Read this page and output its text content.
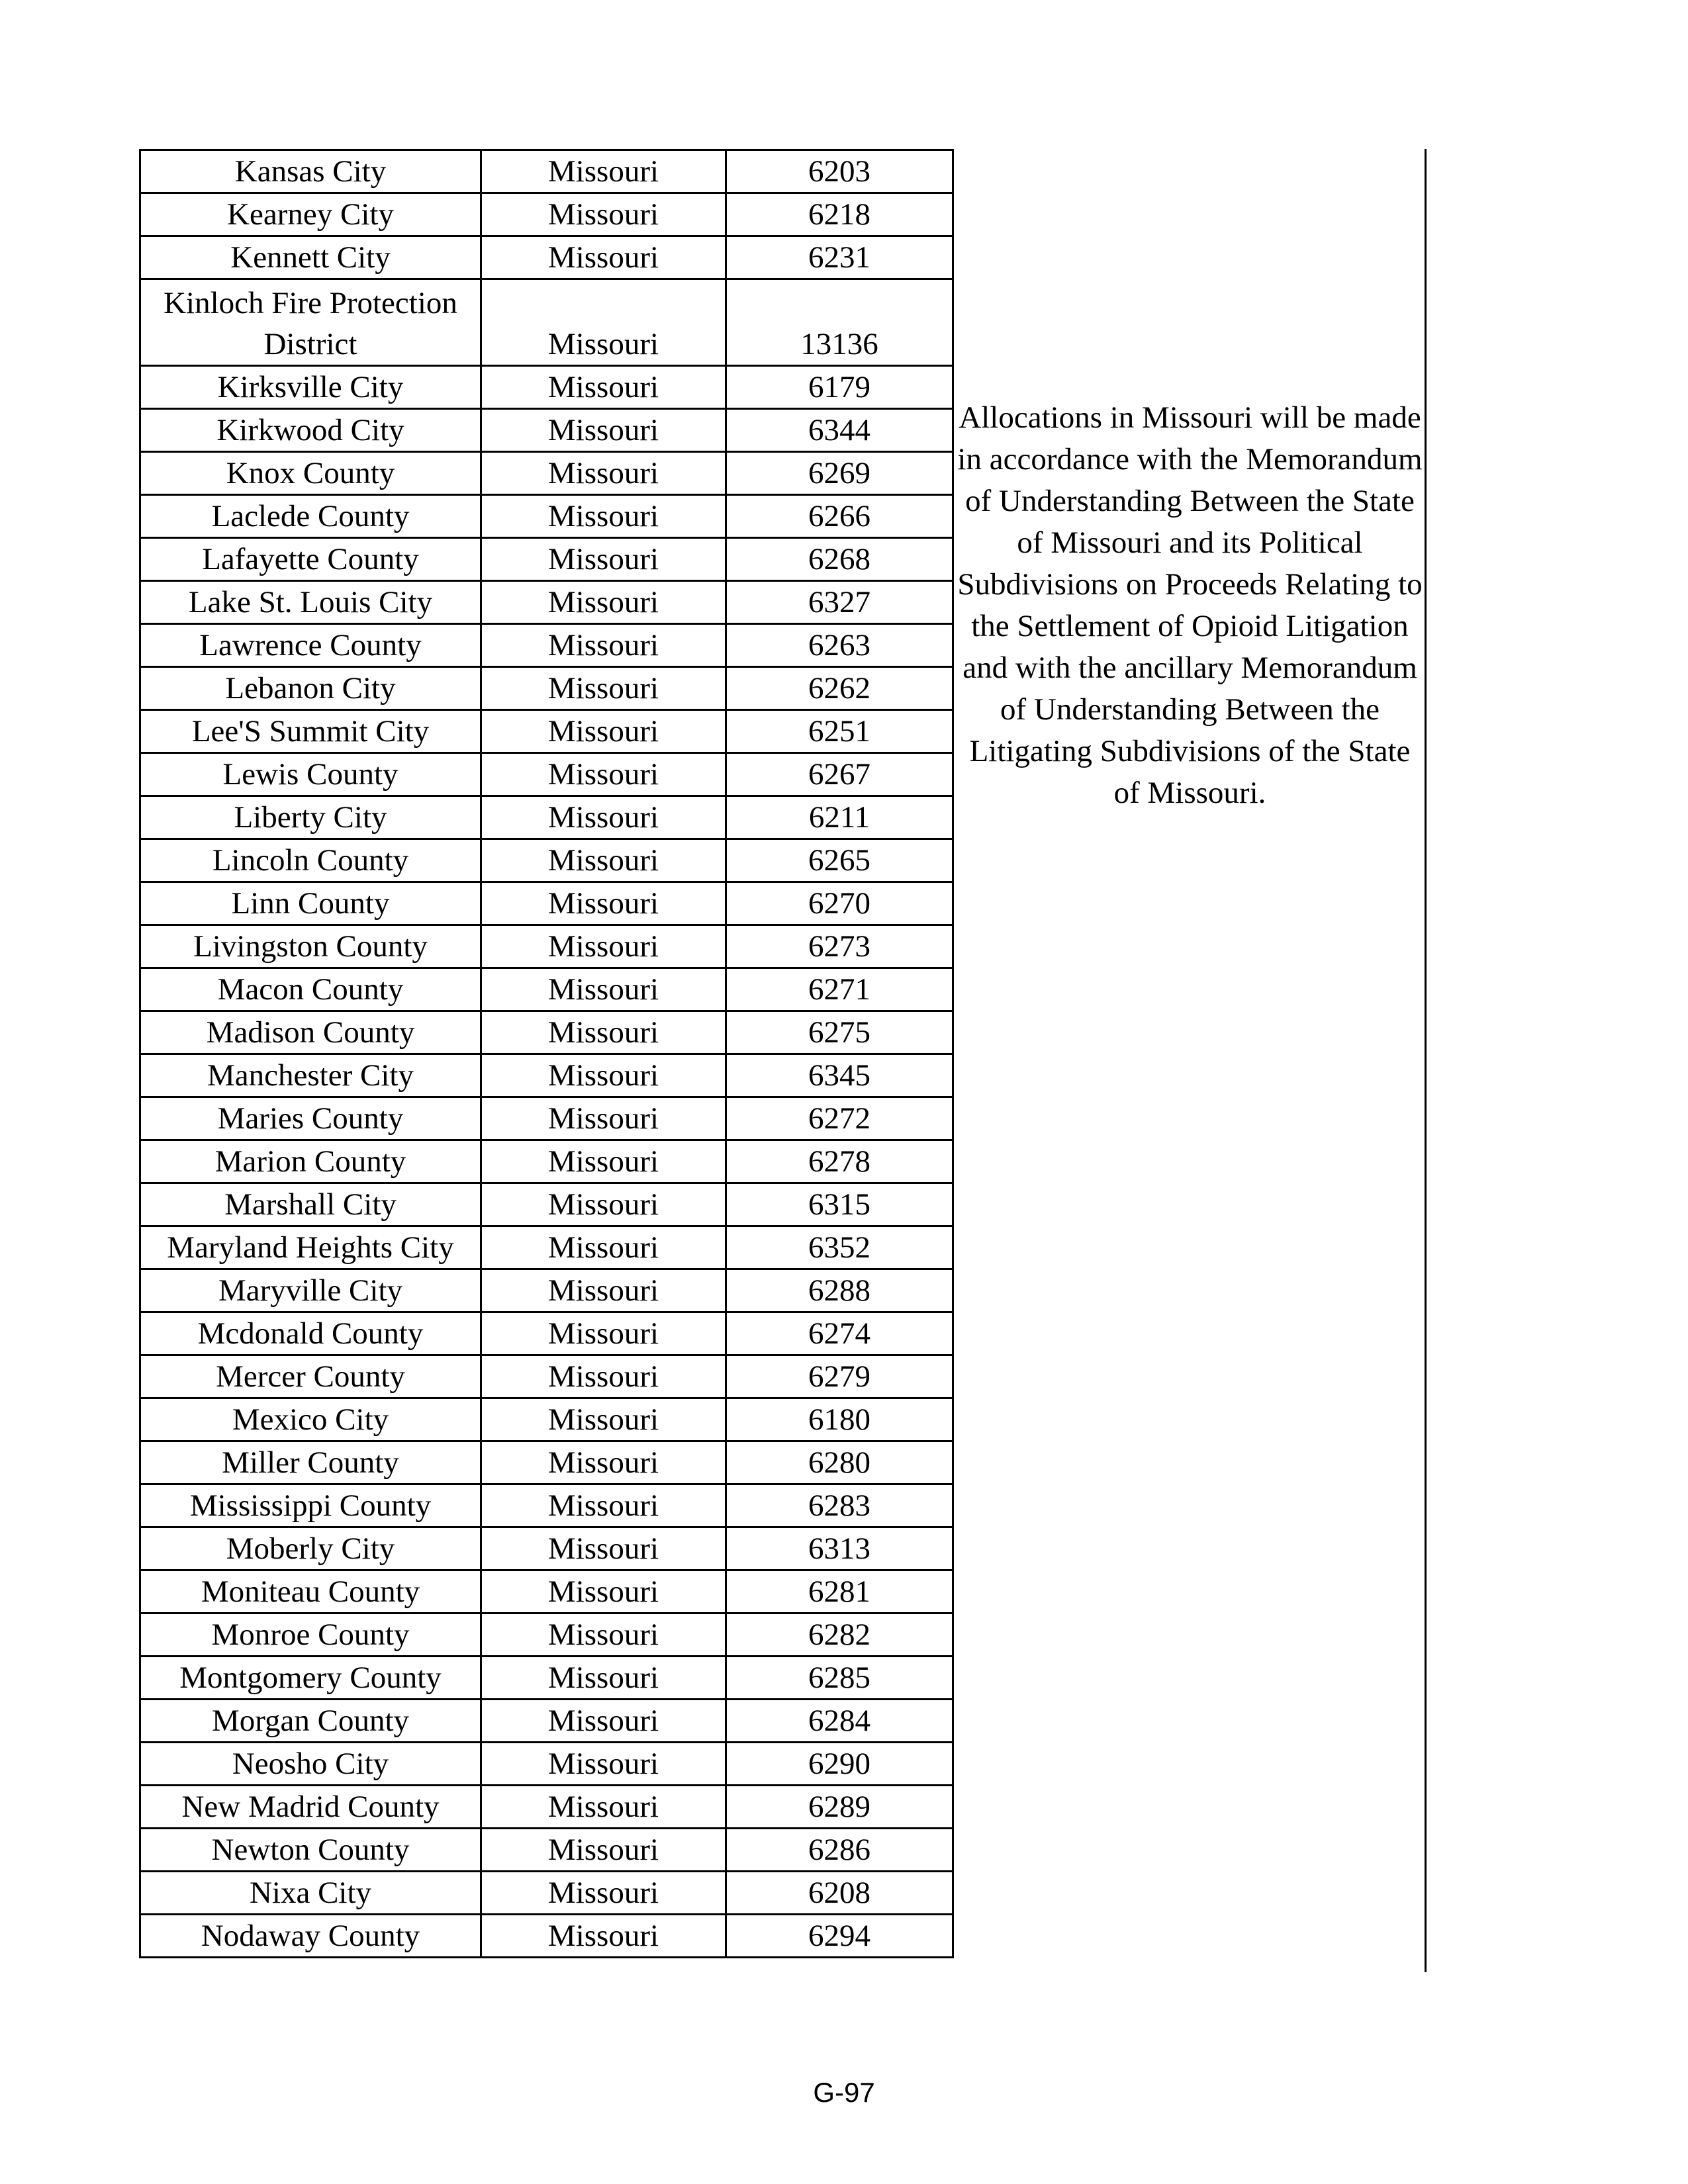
Kansas City	Missouri	6203
Kearney City	Missouri	6218
Kennett City	Missouri	6231
Kinloch Fire Protection District	Missouri	13136
Kirksville City	Missouri	6179
Kirkwood City	Missouri	6344
Knox County	Missouri	6269
Laclede County	Missouri	6266
Lafayette County	Missouri	6268
Lake St. Louis City	Missouri	6327
Lawrence County	Missouri	6263
Lebanon City	Missouri	6262
Lee'S Summit City	Missouri	6251
Lewis County	Missouri	6267
Liberty City	Missouri	6211
Lincoln County	Missouri	6265
Linn County	Missouri	6270
Livingston County	Missouri	6273
Macon County	Missouri	6271
Madison County	Missouri	6275
Manchester City	Missouri	6345
Maries County	Missouri	6272
Marion County	Missouri	6278
Marshall City	Missouri	6315
Maryland Heights City	Missouri	6352
Maryville City	Missouri	6288
Mcdonald County	Missouri	6274
Mercer County	Missouri	6279
Mexico City	Missouri	6180
Miller County	Missouri	6280
Mississippi County	Missouri	6283
Moberly City	Missouri	6313
Moniteau County	Missouri	6281
Monroe County	Missouri	6282
Montgomery County	Missouri	6285
Morgan County	Missouri	6284
Neosho City	Missouri	6290
New Madrid County	Missouri	6289
Newton County	Missouri	6286
Nixa City	Missouri	6208
Nodaway County	Missouri	6294
Allocations in Missouri will be made in accordance with the Memorandum of Understanding Between the State of Missouri and its Political Subdivisions on Proceeds Relating to the Settlement of Opioid Litigation and with the ancillary Memorandum of Understanding Between the Litigating Subdivisions of the State of Missouri.
G-97
